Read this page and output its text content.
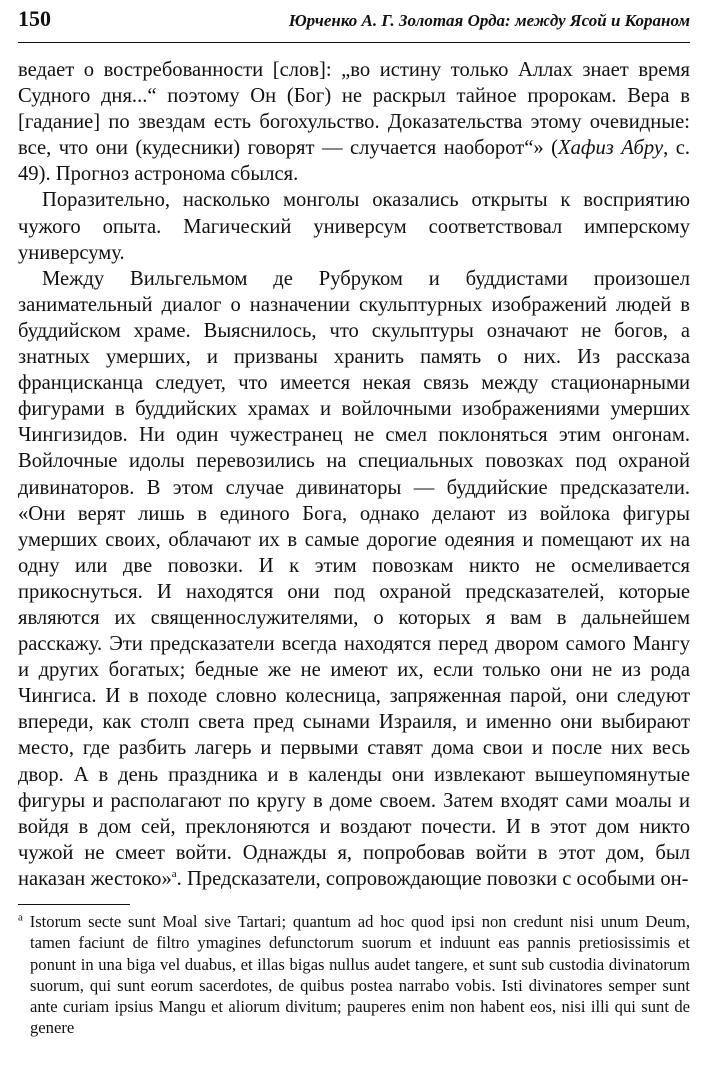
150	Юрченко А. Г. Золотая Орда: между Ясой и Кораном

ведает о востребованности [слов]: „во истину только Аллах знает время Судного дня...“ поэтому Он (Бог) не раскрыл тайное пророкам. Вера в [гадание] по звездам есть богохульство. Доказательства этому очевидные: все, что они (кудесники) говорят — случается наоборот“» (Хафиз Абру, с. 49). Прогноз астронома сбылся.

Поразительно, насколько монголы оказались открыты к восприятию чужого опыта. Магический универсум соответствовал имперскому универсуму.

Между Вильгельмом де Рубруком и буддистами произошел занимательный диалог о назначении скульптурных изображений людей в буддийском храме. Выяснилось, что скульптуры означают не богов, а знатных умерших, и призваны хранить память о них. Из рассказа францисканца следует, что имеется некая связь между стационарными фигурами в буддийских храмах и войлочными изображениями умерших Чингизидов. Ни один чужестранец не смел поклоняться этим онгонам. Войлочные идолы перевозились на специальных повозках под охраной дивинаторов. В этом случае дивинаторы — буддийские предсказатели. «Они верят лишь в единого Бога, однако делают из войлока фигуры умерших своих, облачают их в самые дорогие одеяния и помещают их на одну или две повозки. И к этим повозкам никто не осмеливается прикоснуться. И находятся они под охраной предсказателей, которые являются их священнослужителями, о которых я вам в дальнейшем расскажу. Эти предсказатели всегда находятся перед двором самого Мангу и других богатых; бедные же не имеют их, если только они не из рода Чингиса. И в походе словно колесница, запряженная парой, они следуют впереди, как столп света пред сынами Израиля, и именно они выбирают место, где разбить лагерь и первыми ставят дома свои и после них весь двор. А в день праздника и в календы они извлекают вышеупомянутые фигуры и располагают по кругу в доме своем. Затем входят сами моалы и войдя в дом сей, преклоняются и воздают почести. И в этот дом никто чужой не смеет войти. Однажды я, попробовав войти в этот дом, был наказан жестоко»$^а$. Предсказатели, сопровождающие повозки с особыми он-

$^а$ Istorum secte sunt Moal sive Tartari; quantum ad hoc quod ipsi non credunt nisi unum Deum, tamen faciunt de filtro ymagines defunctorum suorum et induunt eas pannis pretiosissimis et ponunt in una biga vel duabus, et illas bigas nullus audet tangere, et sunt sub custodia divinatorum suorum, qui sunt eorum sacerdotes, de quibus postea narrabo vobis. Isti divinatores semper sunt ante curiam ipsius Mangu et aliorum divitum; pauperes enim non habent eos, nisi illi qui sunt de genere
